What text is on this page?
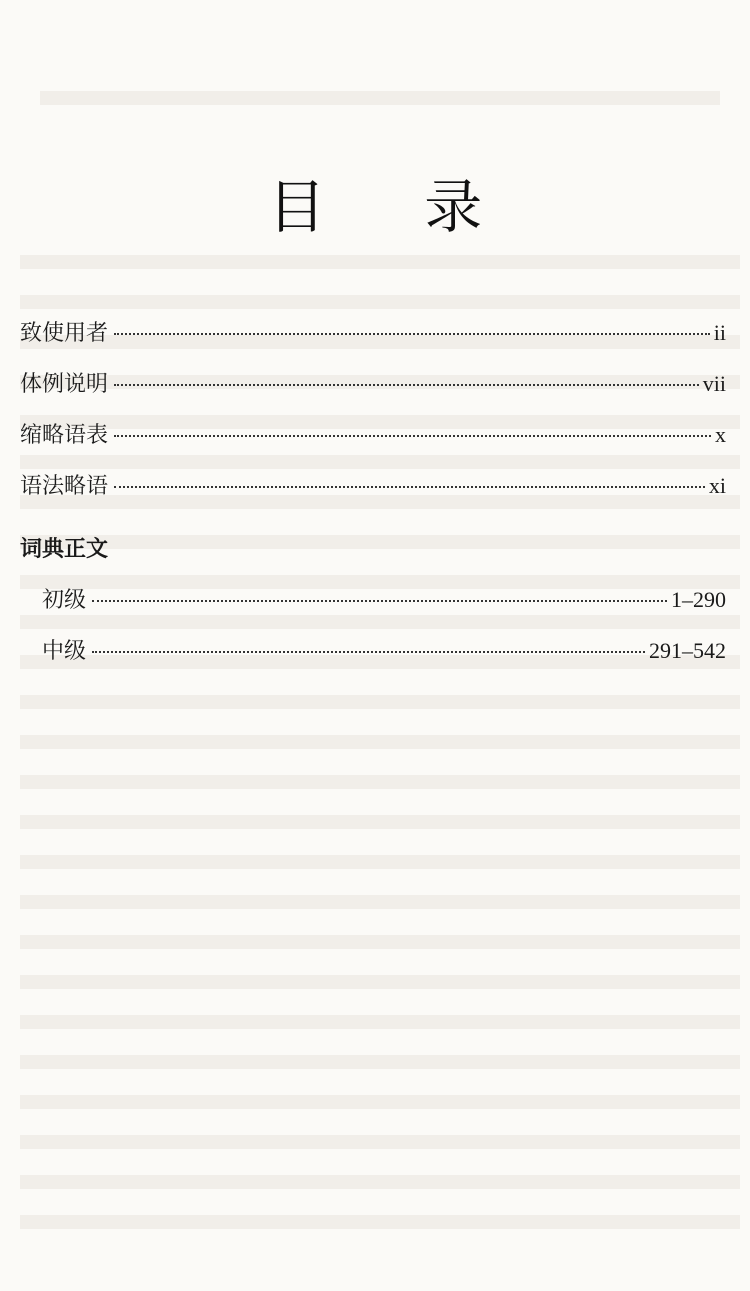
目 录
致使用者	ii
体例说明	vii
缩略语表	x
语法略语	xi
词典正文
初级	1–290
中级	291–542
